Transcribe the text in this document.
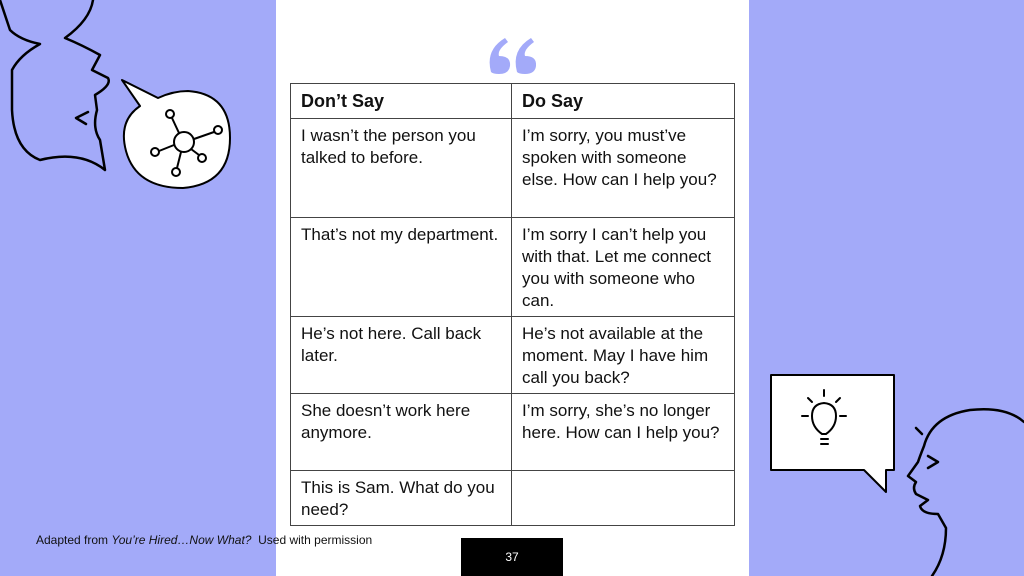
Don’t Say	Do Say
I wasn’t the person you talked to before.	I’m sorry, you must’ve spoken with someone else. How can I help you?
That’s not my department.	I’m sorry I can’t help you with that. Let me connect you with someone who can.
He’s not here. Call back later.	He’s not available at the moment. May I have him call you back?
She doesn’t work here anymore.	I’m sorry, she’s no longer here. How can I help you?
This is Sam. What do you need?	
Adapted from You’re Hired…Now What? Used with permission
37
